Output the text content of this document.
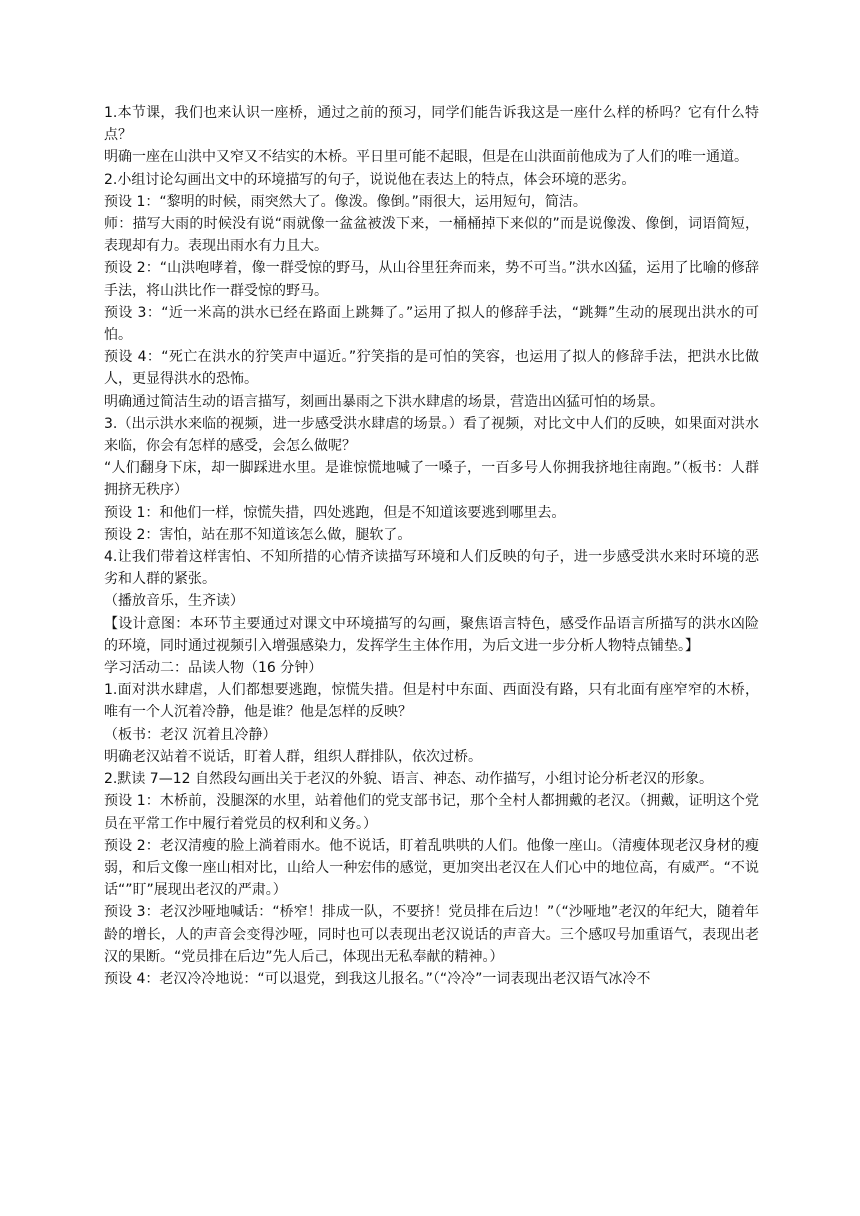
1.本节课，我们也来认识一座桥，通过之前的预习，同学们能告诉我这是一座什么样的桥吗？它有什么特点？

明确一座在山洪中又窄又不结实的木桥。平日里可能不起眼，但是在山洪面前他成为了人们的唯一通道。

2.小组讨论勾画出文中的环境描写的句子，说说他在表达上的特点，体会环境的恶劣。

预设 1：“黎明的时候，雨突然大了。像泼。像倒。”雨很大，运用短句，简洁。

师：描写大雨的时候没有说“雨就像一盆盆被泼下来，一桶桶掉下来似的”而是说像泼、像倒，词语简短，表现却有力。表现出雨水有力且大。

预设 2：“山洪咆哮着，像一群受惊的野马，从山谷里狂奔而来，势不可当。”洪水凶猛，运用了比喻的修辞手法，将山洪比作一群受惊的野马。

预设 3：“近一米高的洪水已经在路面上跳舞了。”运用了拟人的修辞手法，“跳舞”生动的展现出洪水的可怕。

预设 4：“死亡在洪水的狞笑声中逼近。”狞笑指的是可怕的笑容，也运用了拟人的修辞手法，把洪水比做人，更显得洪水的恐怖。

明确通过简洁生动的语言描写，刻画出暴雨之下洪水肆虐的场景，营造出凶猛可怕的场景。

3.（出示洪水来临的视频，进一步感受洪水肆虐的场景。）看了视频，对比文中人们的反映，如果面对洪水来临，你会有怎样的感受，会怎么做呢？

“人们翻身下床，却一脚踩进水里。是谁惊慌地喊了一嗓子，一百多号人你拥我挤地往南跑。”（板书：人群 拥挤无秩序）

预设 1：和他们一样，惊慌失措，四处逃跑，但是不知道该要逃到哪里去。

预设 2：害怕，站在那不知道该怎么做，腿软了。

4.让我们带着这样害怕、不知所措的心情齐读描写环境和人们反映的句子，进一步感受洪水来时环境的恶劣和人群的紧张。

（播放音乐，生齐读）

【设计意图：本环节主要通过对课文中环境描写的勾画，聚焦语言特色，感受作品语言所描写的洪水凶险的环境，同时通过视频引入增强感染力，发挥学生主体作用，为后文进一步分析人物特点铺垫。】

学习活动二：品读人物（16 分钟）

1.面对洪水肆虐，人们都想要逃跑，惊慌失措。但是村中东面、西面没有路，只有北面有座窄窄的木桥，唯有一个人沉着冷静，他是谁？他是怎样的反映？

（板书：老汉 沉着且冷静）

明确老汉站着不说话，盯着人群，组织人群排队，依次过桥。

2.默读 7—12 自然段勾画出关于老汉的外貌、语言、神态、动作描写，小组讨论分析老汉的形象。

预设 1：木桥前，没腿深的水里，站着他们的党支部书记，那个全村人都拥戴的老汉。（拥戴，证明这个党员在平常工作中履行着党员的权利和义务。）

预设 2：老汉清瘦的脸上淌着雨水。他不说话，盯着乱哄哄的人们。他像一座山。（清瘦体现老汉身材的瘦弱，和后文像一座山相对比，山给人一种宏伟的感觉，更加突出老汉在人们心中的地位高，有威严。“不说话“”盯”展现出老汉的严肃。）

预设 3：老汉沙哑地喊话：“桥窄！排成一队，不要挤！党员排在后边！”（“沙哑地”老汉的年纪大，随着年龄的增长，人的声音会变得沙哑，同时也可以表现出老汉说话的声音大。三个感叹号加重语气，表现出老汉的果断。“党员排在后边”先人后己，体现出无私奉献的精神。）

预设 4：老汉冷冷地说：“可以退党，到我这儿报名。”（“冷冷”一词表现出老汉语气冰冷不
